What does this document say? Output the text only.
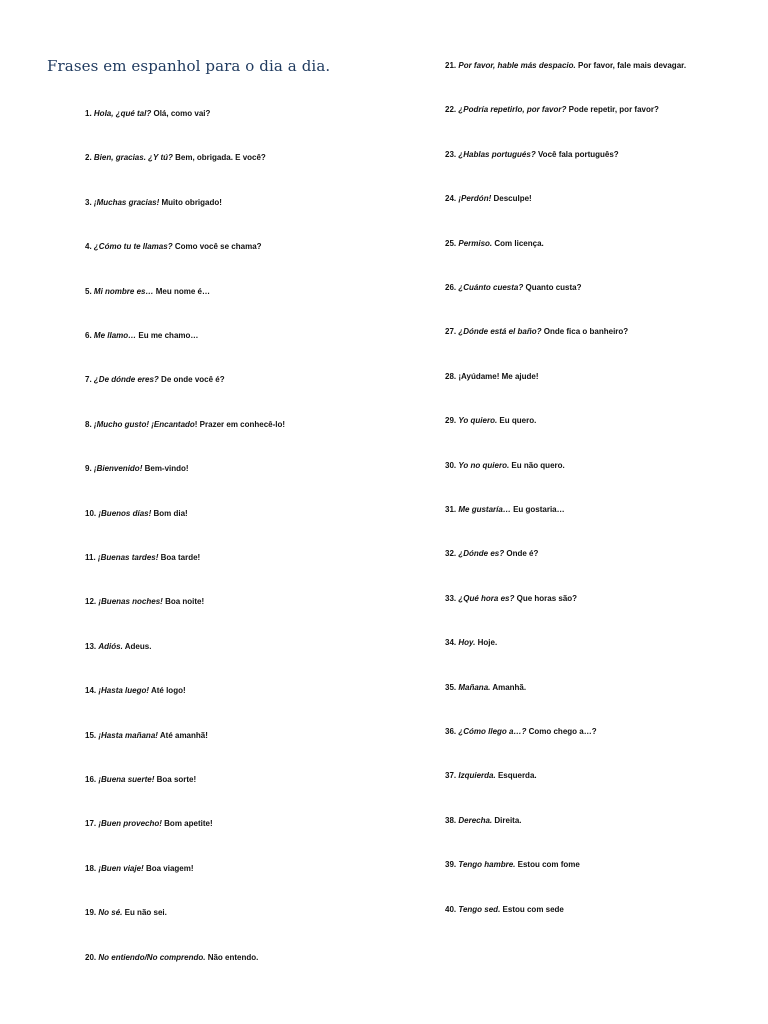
Frases em espanhol para o dia a dia.
1. Hola, ¿qué tal? Olá, como vai?
2. Bien, gracias. ¿Y tú? Bem, obrigada. E você?
3. ¡Muchas gracias! Muito obrigado!
4. ¿Cómo tu te llamas? Como você se chama?
5. Mi nombre es… Meu nome é…
6. Me llamo… Eu me chamo…
7. ¿De dónde eres? De onde você é?
8. ¡Mucho gusto! ¡Encantado! Prazer em conhecê-lo!
9. ¡Bienvenido! Bem-vindo!
10. ¡Buenos días! Bom dia!
11. ¡Buenas tardes! Boa tarde!
12. ¡Buenas noches! Boa noite!
13. Adiós. Adeus.
14. ¡Hasta luego! Até logo!
15. ¡Hasta mañana! Até amanhã!
16. ¡Buena suerte! Boa sorte!
17. ¡Buen provecho! Bom apetite!
18. ¡Buen viaje! Boa viagem!
19. No sé. Eu não sei.
20. No entiendo/No comprendo. Não entendo.
21. Por favor, hable más despacio. Por favor, fale mais devagar.
22. ¿Podría repetirlo, por favor? Pode repetir, por favor?
23. ¿Hablas portugués? Você fala português?
24. ¡Perdón! Desculpe!
25. Permiso. Com licença.
26. ¿Cuánto cuesta? Quanto custa?
27. ¿Dónde está el baño? Onde fica o banheiro?
28. ¡Ayúdame! Me ajude!
29. Yo quiero. Eu quero.
30. Yo no quiero. Eu não quero.
31. Me gustaría… Eu gostaria…
32. ¿Dónde es? Onde é?
33. ¿Qué hora es? Que horas são?
34. Hoy. Hoje.
35. Mañana. Amanhã.
36. ¿Cómo llego a…? Como chego a…?
37. Izquierda. Esquerda.
38. Derecha. Direita.
39. Tengo hambre. Estou com fome
40. Tengo sed. Estou com sede
